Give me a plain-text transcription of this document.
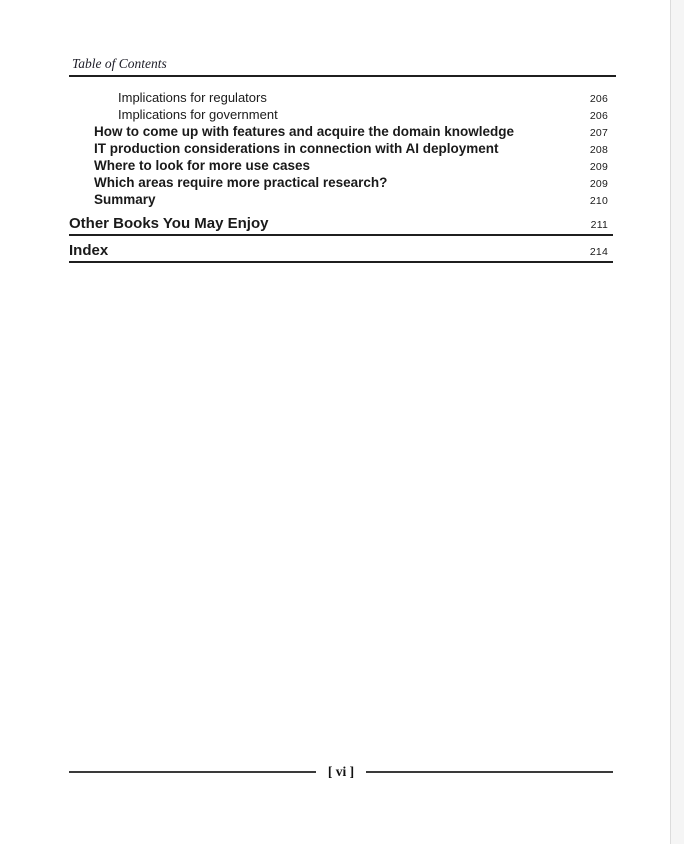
Table of Contents
Implications for regulators	206
Implications for government	206
How to come up with features and acquire the domain knowledge	207
IT production considerations in connection with AI deployment	208
Where to look for more use cases	209
Which areas require more practical research?	209
Summary	210
Other Books You May Enjoy	211
Index	214
[ vi ]
